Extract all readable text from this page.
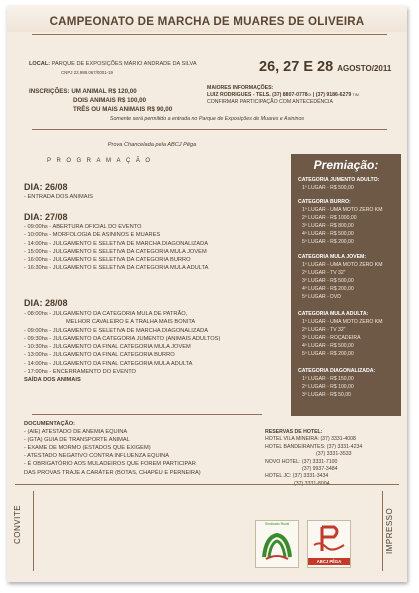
CAMPEONATO DE MARCHA DE MUARES DE OLIVEIRA
LOCAL: PARQUE DE EXPOSIÇÕES MÁRIO ANDRADE DA SILVA
CNPJ 22.988.067/0001-19	26, 27 E 28 AGOSTO/2011
INSCRIÇÕES: UM ANIMAL R$ 120,00
DOIS ANIMAIS R$ 100,00
TRÊS OU MAIS ANIMAIS R$ 90,00
MAIORES INFORMAÇÕES:
LUIZ RODRIGUES - TELS. (37) 8807-0778OI | (37) 9186-6279 TIM
CONFIRMAR PARTICIPAÇÃO COM ANTECEDÊNCIA
Somente será permitido a entrada no Parque de Exposições de Muares e Asininos
Prova Chancelada pela ABCJ Pêga
PROGRAMAÇÃO
DIA: 26/08
- ENTRADA DOS ANIMAIS
DIA: 27/08
- 09:00hs - ABERTURA OFICIAL DO EVENTO
- 10:00hs - MORFOLOGIA DE ASININOS E MUARES
- 14:00hs - JULGAMENTO E SELETIVA DE MARCHA DIAGONALIZADA
- 15:00hs - JULGAMENTO E SELETIVA DA CATEGORIA MULA JOVEM
- 16:00hs - JULGAMENTO E SELETIVA DA CATEGORIA BURRO
- 16:30hs - JULGAMENTO E SELETIVA DA CATEGORIA MULA ADULTA
DIA: 28/08
- 08:00hs - JULGAMENTO DA CATEGORIA MULA DE PATRÃO,
MELHOR CAVALEIRO E A TRALHA MAIS BONITA
- 09:00hs - JULGAMENTO E SELETIVA DE MARCHA DIAGONALIZADA
- 09:30hs - JULGAMENTO DA CATEGORIA JUMENTO (ANIMAIS ADULTOS)
- 10:30hs - JULGAMENTO DA FINAL CATEGORIA MULA JOVEM
- 13:00hs - JULGAMENTO DA FINAL CATEGORIA BURRO
- 14:00hs - JULGAMENTO DA FINAL CATEGORIA MULA ADULTA
- 17:00hs - ENCERRAMENTO DO EVENTO
SAÍDA DOS ANIMAIS
DOCUMENTAÇÃO:
- (AIE) ATESTADO DE ANEMIA EQUINA
- (GTA) GUIA DE TRANSPORTE ANIMAL
- EXAME DE MORMO (ESTADOS QUE EXIGEM)
- ATESTADO NEGATIVO CONTRA INFLUENZA EQUINA
- É OBRIGATÓRIO AOS MULADEIROS QUE FOREM PARTICIPAR
DAS PROVAS TRAJE A CARÁTER (BOTAS, CHAPÉU E PERNEIRA)
Premiação:
CATEGORIA JUMENTO ADULTO:
1º LUGAR - R$ 500,00
CATEGORIA BURRO:
1º LUGAR - UMA MOTO ZERO KM
2º LUGAR - R$ 1000,00
3º LUGAR - R$ 800,00
4º LUGAR - R$ 500,00
5º LUGAR - R$ 200,00
CATEGORIA MULA JOVEM:
1º LUGAR - UMA MOTO ZERO KM
2º LUGAR - TV 32"
3º LUGAR - R$ 500,00
4º LUGAR - R$ 200,00
5º LUGAR - DVD
CATEGORIA MULA ADULTA:
1º LUGAR - UMA MOTO ZERO KM
2º LUGAR - TV 32"
3º LUGAR - ROÇADEIRA
4º LUGAR - R$ 500,00
5º LUGAR - R$ 200,00
CATEGORIA DIAGONALIZADA:
1º LUGAR - R$ 150,00
2º LUGAR - R$ 100,00
3º LUGAR - R$ 50,00
RESERVAS DE HOTEL:
HOTEL VILA MINEIRA: (37) 3331-4008
HOTEL BANDEIRANTES: (37) 3331-4234
(37) 3331-3533
NOVO HOTEL: (37) 3331-7100
(37) 9937-3484
HOTEL JC: (37) 3331-3434
CONVITE	IMPRESSO
Sindicato Rural
ABCJ PÊGA
